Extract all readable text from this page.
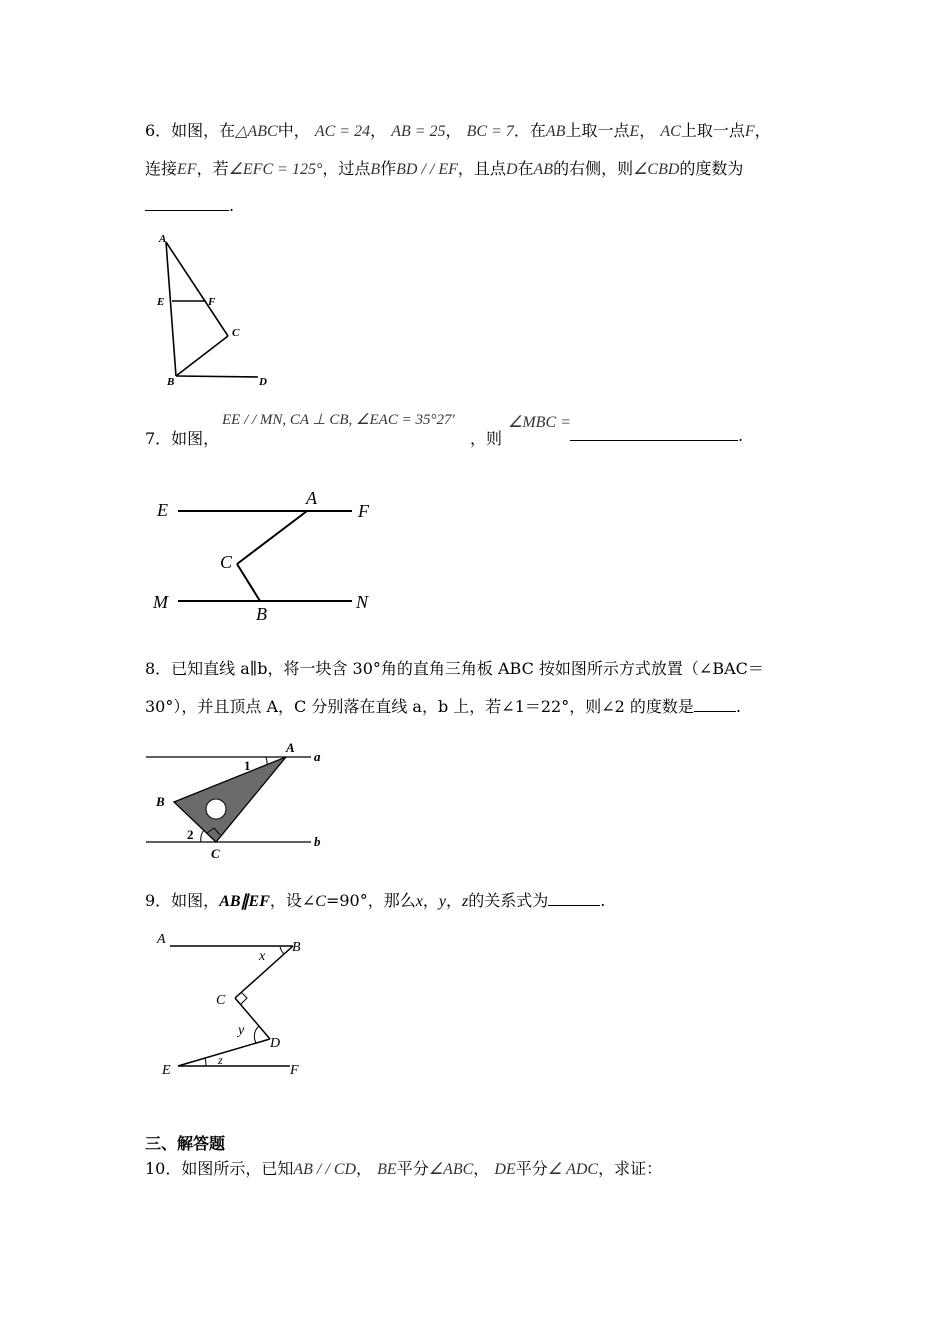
6．如图，在△ABC中， AC = 24， AB = 25， BC = 7．在AB上取一点E， AC上取一点F，
连接EF，若∠EFC = 125°，过点B作BD / / EF，且点D在AB的右侧，则∠CBD的度数为
.
A
E	F
C
B	D
7．如图，
EE / / MN, CA ⊥ CB, ∠EAC = 35°27′
，则
∠MBC =
.
E
A
F
C
M
B
N
8．已知直线 a∥b，将一块含 30°角的直角三角板 ABC 按如图所示方式放置（∠BAC＝
30°），并且顶点 A，C 分别落在直线 a，b 上，若∠1＝22°，则∠2 的度数是	.
A
a
1
B
2	b
C
9．如图，AB∥EF，设∠C=90°，那么x，y，z的关系式为	.
A
B
x
C
y
D
E
z
F
三、解答题
10．如图所示，已知AB / / CD， BE平分∠ABC， DE平分∠ ADC，求证：
